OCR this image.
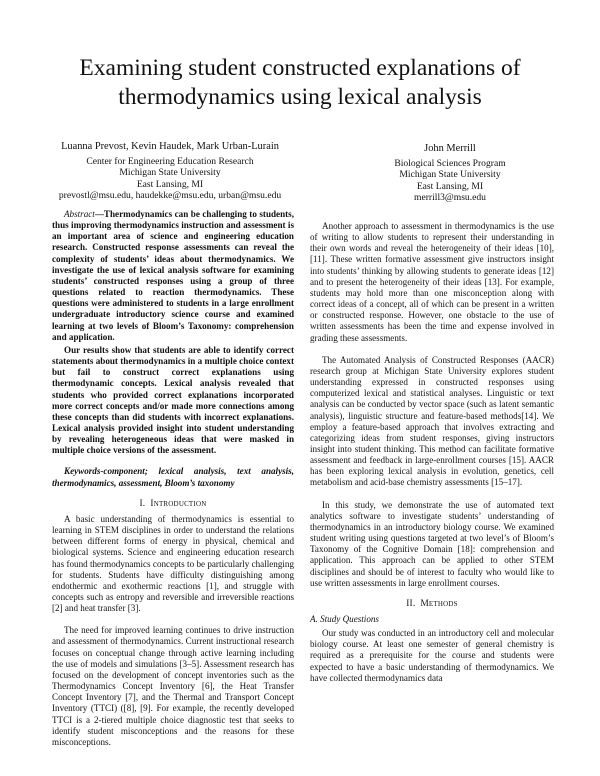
Examining student constructed explanations of
thermodynamics using lexical analysis
Luanna Prevost, Kevin Haudek, Mark Urban-Lurain
Center for Engineering Education Research
Michigan State University
East Lansing, MI
prevostl@msu.edu, haudekke@msu.edu, urban@msu.edu
John Merrill
Biological Sciences Program
Michigan State University
East Lansing, MI
merrill3@msu.edu

Abstract—Thermodynamics can be challenging to students, thus improving thermodynamics instruction and assessment is an important area of science and engineering education research. Constructed response assessments can reveal the complexity of students’ ideas about thermodynamics. We investigate the use of lexical analysis software for examining students’ constructed responses using a group of three questions related to reaction thermodynamics. These questions were administered to students in a large enrollment undergraduate introductory science course and examined learning at two levels of Bloom’s Taxonomy: comprehension and application.

Our results show that students are able to identify correct statements about thermodynamics in a multiple choice context but fail to construct correct explanations using thermodynamic concepts. Lexical analysis revealed that students who provided correct explanations incorporated more correct concepts and/or made more connections among these concepts than did students with incorrect explanations. Lexical analysis provided insight into student understanding by revealing heterogeneous ideas that were masked in multiple choice versions of the assessment.

Keywords-component; lexical analysis, text analysis, thermodynamics, assessment, Bloom’s taxonomy

I. Introduction

A basic understanding of thermodynamics is essential to learning in STEM disciplines in order to understand the relations between different forms of energy in physical, chemical and biological systems. Science and engineering education research has found thermodynamics concepts to be particularly challenging for students. Students have difficulty distinguishing among endothermic and exothermic reactions [1], and struggle with concepts such as entropy and reversible and irreversible reactions [2] and heat transfer [3].

The need for improved learning continues to drive instruction and assessment of thermodynamics. Current instructional research focuses on conceptual change through active learning including the use of models and simulations [3–5]. Assessment research has focused on the development of concept inventories such as the Thermodynamics Concept Inventory [6], the Heat Transfer Concept Inventory [7], and the Thermal and Transport Concept Inventory (TTCI) ([8], [9]. For example, the recently developed TTCI is a 2-tiered multiple choice diagnostic test that seeks to identify student misconceptions and the reasons for these misconceptions.

Another approach to assessment in thermodynamics is the use of writing to allow students to represent their understanding in their own words and reveal the heterogeneity of their ideas [10], [11]. These written formative assessment give instructors insight into students’ thinking by allowing students to generate ideas [12] and to present the heterogeneity of their ideas [13]. For example, students may hold more than one misconception along with correct ideas of a concept, all of which can be present in a written or constructed response. However, one obstacle to the use of written assessments has been the time and expense involved in grading these assessments.

The Automated Analysis of Constructed Responses (AACR) research group at Michigan State University explores student understanding expressed in constructed responses using computerized lexical and statistical analyses. Linguistic or text analysis can be conducted by vector space (such as latent semantic analysis), linguistic structure and feature-based methods[14]. We employ a feature-based approach that involves extracting and categorizing ideas from student responses, giving instructors insight into student thinking. This method can facilitate formative assessment and feedback in large-enrollment courses [15]. AACR has been exploring lexical analysis in evolution, genetics, cell metabolism and acid-base chemistry assessments [15–17].

In this study, we demonstrate the use of automated text analytics software to investigate students’ understanding of thermodynamics in an introductory biology course. We examined student writing using questions targeted at two level’s of Bloom’s Taxonomy of the Cognitive Domain [18]: comprehension and application. This approach can be applied to other STEM disciplines and should be of interest to faculty who would like to use written assessments in large enrollment courses.

II. Methods

A. Study Questions

Our study was conducted in an introductory cell and molecular biology course. At least one semester of general chemistry is required as a prerequisite for the course and students were expected to have a basic understanding of thermodynamics. We have collected thermodynamics data
